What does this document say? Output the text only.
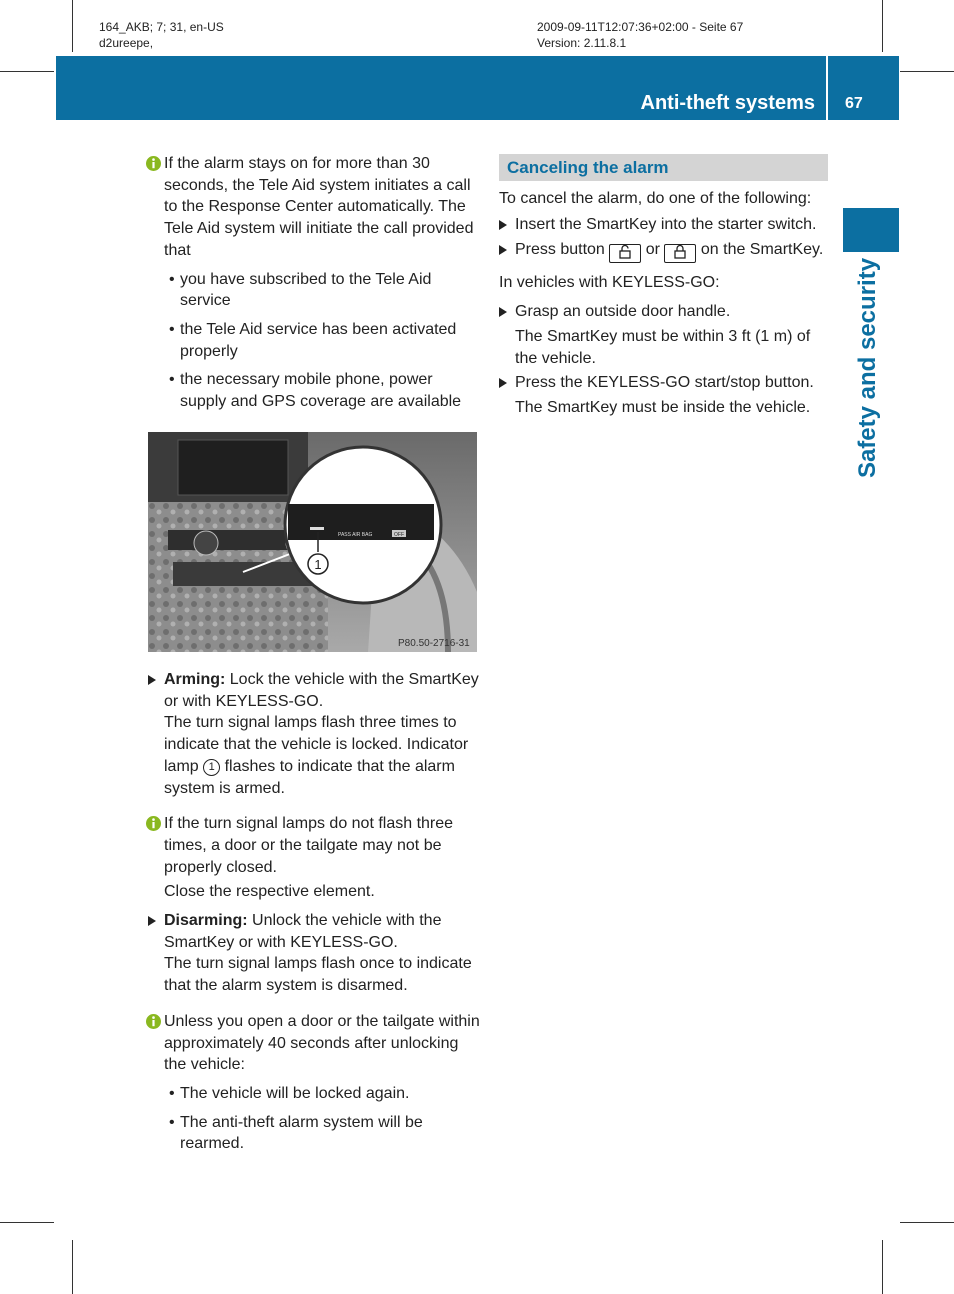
164_AKB; 7; 31, en-US
d2ureepe,
2009-09-11T12:07:36+02:00 - Seite 67
Version: 2.11.8.1
Anti-theft systems 67
Safety and security
If the alarm stays on for more than 30 seconds, the Tele Aid system initiates a call to the Response Center automatically. The Tele Aid system will initiate the call provided that
• you have subscribed to the Tele Aid service
• the Tele Aid service has been activated properly
• the necessary mobile phone, power supply and GPS coverage are available
PASS AIR BAG	OFF
1
P80.50-2716-31
Arming: Lock the vehicle with the SmartKey or with KEYLESS-GO.
The turn signal lamps flash three times to indicate that the vehicle is locked. Indicator lamp 1 flashes to indicate that the alarm system is armed.
If the turn signal lamps do not flash three times, a door or the tailgate may not be properly closed.
Close the respective element.
Disarming: Unlock the vehicle with the SmartKey or with KEYLESS-GO.
The turn signal lamps flash once to indicate that the alarm system is disarmed.
Unless you open a door or the tailgate within approximately 40 seconds after unlocking the vehicle:
• The vehicle will be locked again.
• The anti-theft alarm system will be rearmed.
Canceling the alarm
To cancel the alarm, do one of the following:
Insert the SmartKey into the starter switch.
Press button	or	on the SmartKey.
In vehicles with KEYLESS-GO:
Grasp an outside door handle.
The SmartKey must be within 3 ft (1 m) of the vehicle.
Press the KEYLESS-GO start/stop button.
The SmartKey must be inside the vehicle.
